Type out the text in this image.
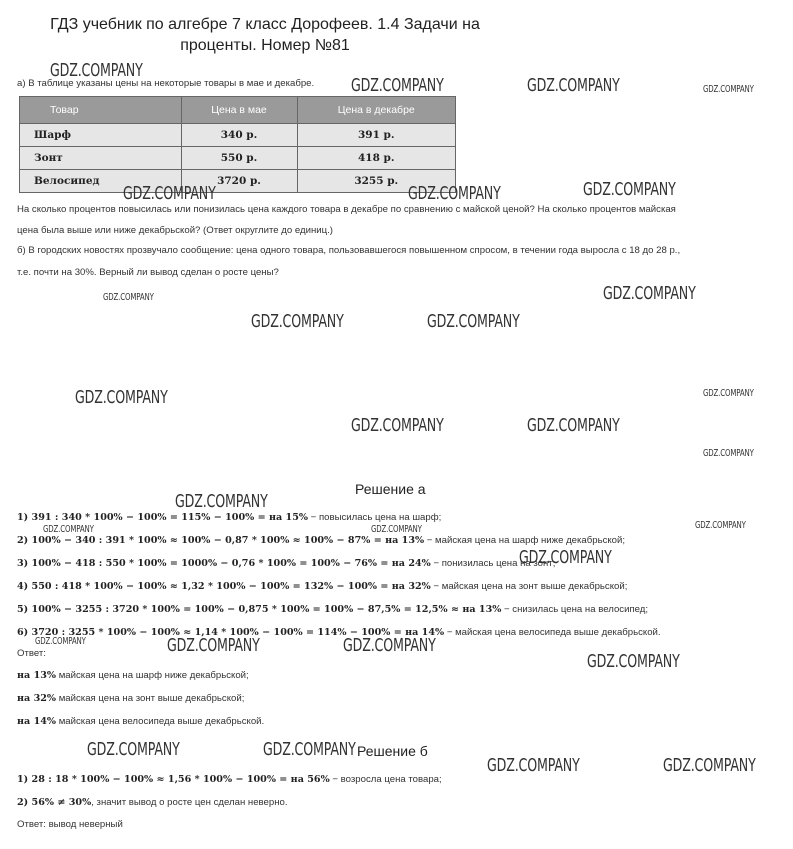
ГДЗ учебник по алгебре 7 класс Дорофеев. 1.4 Задачи на проценты. Номер №81
а) В таблице указаны цены на некоторые товары в мае и декабре.
Товар	Цена в мае	Цена в декабре
Шарф	340 р.	391 р.
Зонт	550 р.	418 р.
Велосипед	3720 р.	3255 р.
На сколько процентов повысилась или понизилась цена каждого товара в декабре по сравнению с майской ценой? На сколько процентов майская
цена была выше или ниже декабрьской? (Ответ округлите до единиц.)
б) В городских новостях прозвучало сообщение: цена одного товара, пользовавшегося повышенном спросом, в течении года выросла с 18 до 28 р.,
т.е. почти на 30%. Верный ли вывод сделан о росте цены?
Решение а
1) 391 : 340 * 100% − 100% = 115% − 100% = на 15% − повысилась цена на шарф;
2) 100% − 340 : 391 * 100% ≈ 100% − 0,87 * 100% ≈ 100% − 87% = на 13% − майская цена на шарф ниже декабрьской;
3) 100% − 418 : 550 * 100% = 1000% − 0,76 * 100% = 100% − 76% = на 24% − понизилась цена на зонт;
4) 550 : 418 * 100% − 100% ≈ 1,32 * 100% − 100% = 132% − 100% = на 32% − майская цена на зонт выше декабрьской;
5) 100% − 3255 : 3720 * 100% = 100% − 0,875 * 100% = 100% − 87,5% = 12,5% ≈ на 13% − снизилась цена на велосипед;
6) 3720 : 3255 * 100% − 100% ≈ 1,14 * 100% − 100% = 114% − 100% = на 14% − майская цена велосипеда выше декабрьской.
Ответ:
на 13% майская цена на шарф ниже декабрьской;
на 32% майская цена на зонт выше декабрьской;
на 14% майская цена велосипеда выше декабрьской.
Решение б
1) 28 : 18 * 100% − 100% ≈ 1,56 * 100% − 100% = на 56% − возросла цена товара;
2) 56% ≠ 30%, значит вывод о росте цен сделан неверно.
Ответ: вывод неверный
GDZ.COMPANY
GDZ.COMPANY	GDZ.COMPANY	GDZ.COMPANY
GDZ.COMPANY	GDZ.COMPANY	GDZ.COMPANY
GDZ.COMPANY
GDZ.COMPANY
GDZ.COMPANY	GDZ.COMPANY
GDZ.COMPANY	GDZ.COMPANY
GDZ.COMPANY	GDZ.COMPANY
GDZ.COMPANY
GDZ.COMPANY
GDZ.COMPANY	GDZ.COMPANY	GDZ.COMPANY
GDZ.COMPANY
GDZ.COMPANY	GDZ.COMPANY	GDZ.COMPANY
GDZ.COMPANY
GDZ.COMPANY	GDZ.COMPANY
GDZ.COMPANY	GDZ.COMPANY
